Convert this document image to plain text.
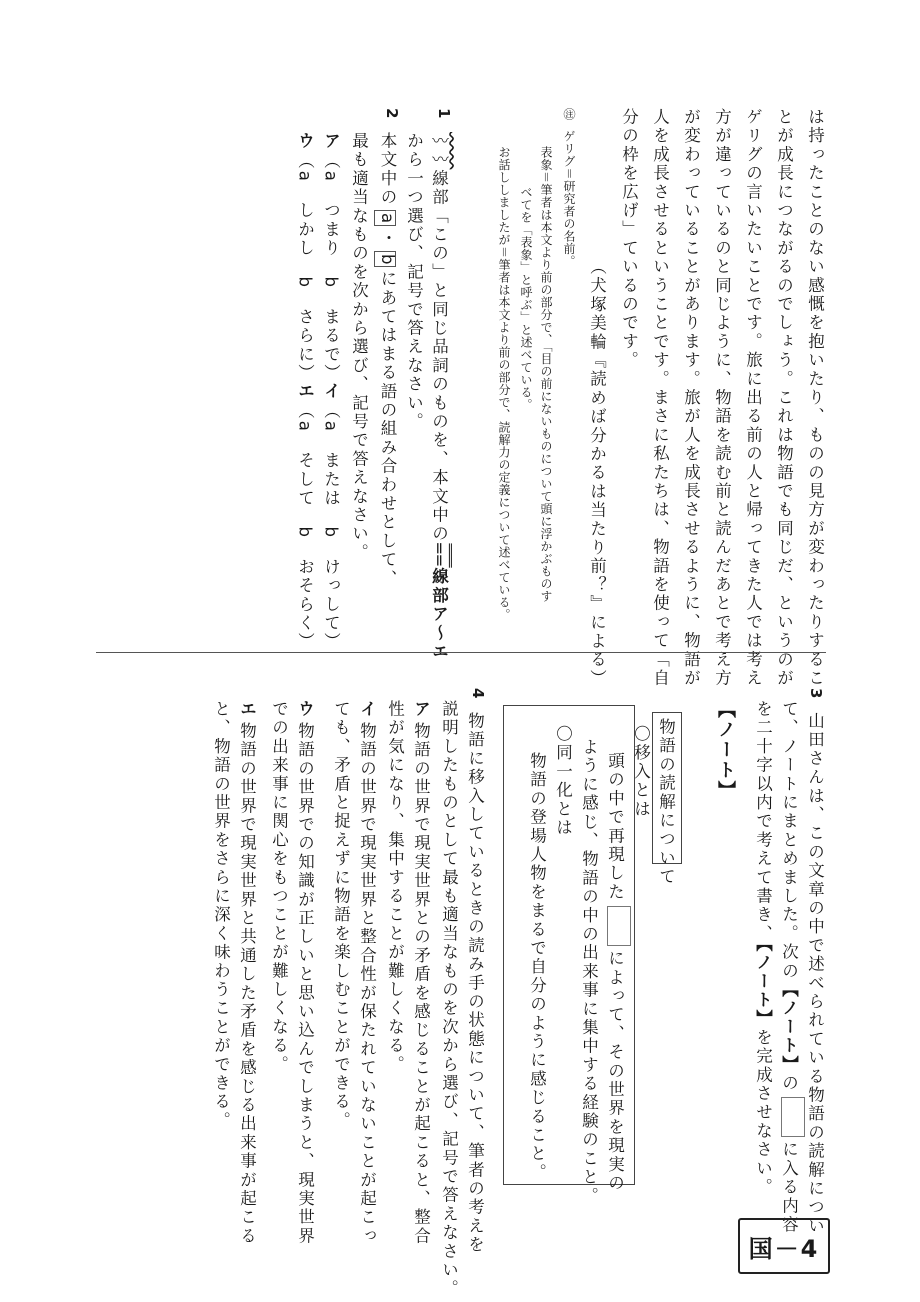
は持ったことのない感慨を抱いたり、ものの見方が変わったりするこ
とが成長につながるのでしょう。これは物語でも同じだ、というのが
ゲリグの言いたいことです。旅に出る前の人と帰ってきた人では考え
方が違っているのと同じように、物語を読む前と読んだあとで考え方
が変わっていることがあります。旅が人を成長させるように、物語が
人を成長させるということです。まさに私たちは、物語を使って「自
分の枠を広げ」ているのです。
（犬塚美輪『読めば分かるは当たり前？』による）
㊟
ゲリグ＝研究者の名前。
表象＝筆者は本文より前の部分で、「目の前にないものについて頭に浮かぶものす
べてを「表象」と呼ぶ」と述べている。
お話ししましたが＝筆者は本文より前の部分で、読解力の定義について述べている。
1
〰〰線部「この」と同じ品詞のものを、本文中の══線部ア～エ
から一つ選び、記号で答えなさい。
2
本文中のa・bにあてはまる語の組み合わせとして、
最も適当なものを次から選び、記号で答えなさい。
ア
（a　つまり　b　まるで）
イ
（a　または　b　けっして）
ウ
（a　しかし　b　さらに）
エ
（a　そして　b　おそらく）
3
山田さんは、この文章の中で述べられている物語の読解につい
て、ノートにまとめました。次の【ノート】のに入る内容
を二十字以内で考えて書き、【ノート】を完成させなさい。
【ノート】
物語の読解について
〇移入とは
頭の中で再現したによって、その世界を現実の
ように感じ、物語の中の出来事に集中する経験のこと。
〇同一化とは
物語の登場人物をまるで自分のように感じること。
4
物語に移入しているときの読み手の状態について、筆者の考えを
説明したものとして最も適当なものを次から選び、記号で答えなさい。
ア
物語の世界で現実世界との矛盾を感じることが起こると、整合
性が気になり、集中することが難しくなる。
イ
物語の世界で現実世界と整合性が保たれていないことが起こっ
ても、矛盾と捉えずに物語を楽しむことができる。
ウ
物語の世界での知識が正しいと思い込んでしまうと、現実世界
での出来事に関心をもつことが難しくなる。
エ
物語の世界で現実世界と共通した矛盾を感じる出来事が起こる
と、物語の世界をさらに深く味わうことができる。
国－4
